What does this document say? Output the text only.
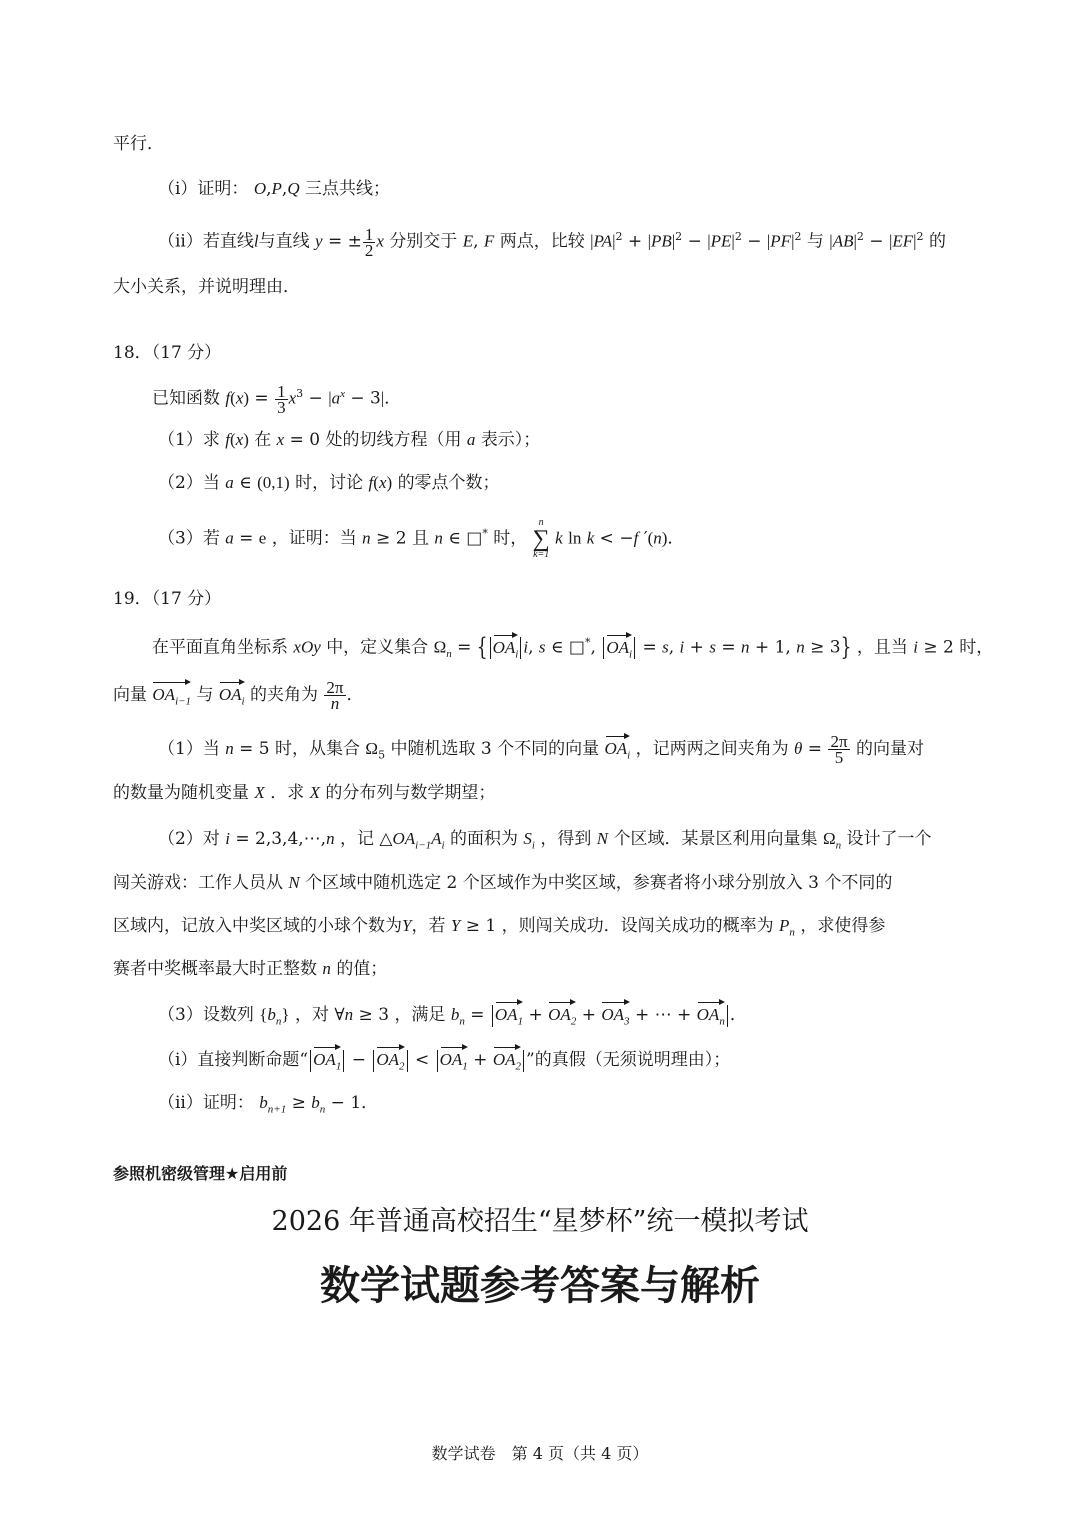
平行．
（i）证明： O,P,Q 三点共线；
（ii）若直线l与直线 y = ± $\frac{1}{2}$ x 分别交于 E, F 两点，比较 $|PA|^2 + |PB|^2 - |PE|^2 - |PF|^2$ 与 $|AB|^2 - |EF|^2$ 的
大小关系，并说明理由．
18．（17 分）
已知函数 $f(x) = \frac{1}{3} x^3 - |a^x - 3|$．
（1）求 f(x) 在 x = 0 处的切线方程（用 a 表示）；
（2）当 a ∈ (0,1) 时，讨论 f(x) 的零点个数；
（3）若 a = e ，证明：当 n ≥ 2 且 n ∈ □* 时，
n
∑
k=1
k ln k < −f ′(n)．
19．（17 分）
在平面直角坐标系 xOy 中，定义集合 $\Omega_n$ = { $OA_i$ i, s ∈ □*, $OA_i = s$, i + s = n + 1, n ≥ 3} ，且当 i ≥ 2 时，
向量 $OA_{i-1}$ 与 $OA_i$ 的夹角为 $\frac{2\pi}{n}$ ．
（1）当 n = 5 时，从集合 $\Omega_5$ 中随机选取 3 个不同的向量 $OA_i$ ，记两两之间夹角为 $\theta = \frac{2\pi}{5}$ 的向量对
的数量为随机变量 X ．求 X 的分布列与数学期望；
（2）对 i = 2,3,4,⋯,n ，记 $\triangle OA_{i-1}A_i$ 的面积为 $S_i$ ，得到 N 个区域．某景区利用向量集 $\Omega_n$ 设计了一个
闯关游戏：工作人员从 N 个区域中随机选定 2 个区域作为中奖区域，参赛者将小球分别放入 3 个不同的
区域内，记放入中奖区域的小球个数为Y，若 Y ≥ 1 ，则闯关成功．设闯关成功的概率为 $P_n$ ，求使得参
赛者中奖概率最大时正整数 n 的值；
（3）设数列 $\{b_n\}$ ，对 ∀n ≥ 3 ，满足 $b_n = OA_1 + OA_2 + OA_3$ + ⋯ + $OA_n$ ．
（i）直接判断命题“ $OA_1 - OA_2 < OA_1 + OA_2$ ”的真假（无须说明理由）；
（ii）证明： $b_{n+1} \ge b_n - 1$．
参照机密级管理★启用前
2026 年普通高校招生“星梦杯”统一模拟考试
数学试题参考答案与解析
数学试卷　第 4 页（共 4 页）
